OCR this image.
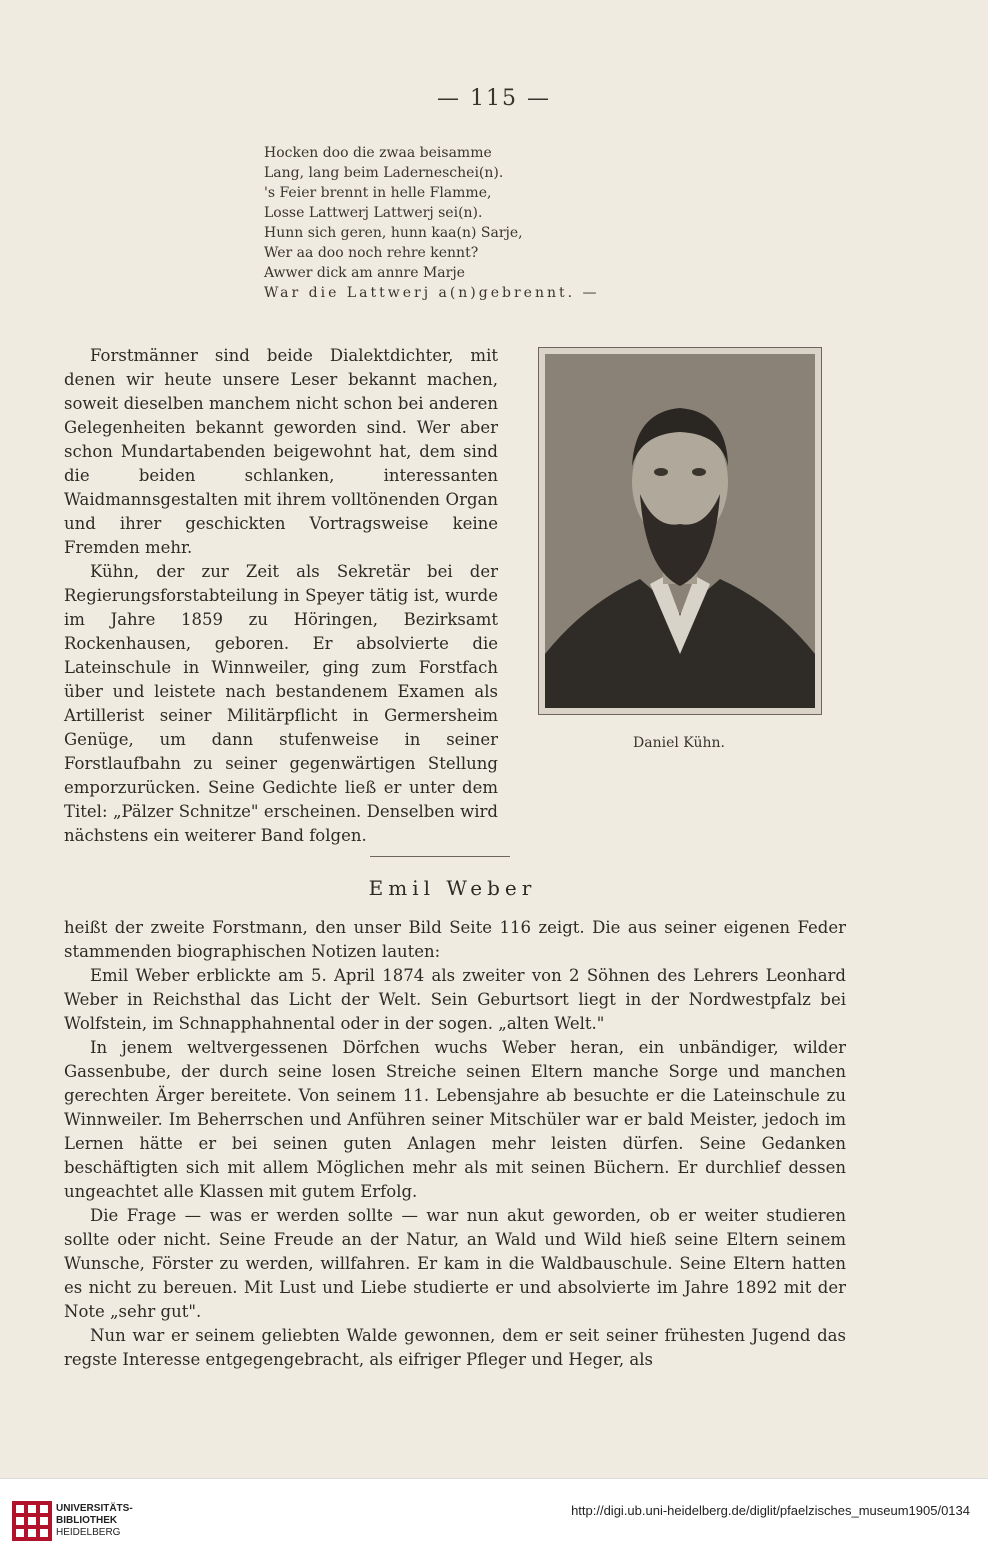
— 115 —
Hocken doo die zwaa beisamme
Lang, lang beim Laderneschei(n).
's Feier brennt in helle Flamme,
Losse Lattwerj Lattwerj sei(n).
Hunn sich geren, hunn kaa(n) Sarje,
Wer aa doo noch rehre kennt?
Awwer dick am annre Marje
War die Lattwerj a(n)gebrennt. —

Forstmänner sind beide Dialektdichter, mit denen wir heute unsere Leser bekannt machen, soweit dieselben manchem nicht schon bei anderen Gelegenheiten bekannt geworden sind. Wer aber schon Mundartabenden beigewohnt hat, dem sind die beiden schlanken, interessanten Waidmannsgestalten mit ihrem volltönenden Organ und ihrer geschickten Vortragsweise keine Fremden mehr.

Kühn, der zur Zeit als Sekretär bei der Regierungsforstabteilung in Speyer tätig ist, wurde im Jahre 1859 zu Höringen, Bezirksamt Rockenhausen, geboren. Er absolvierte die Lateinschule in Winnweiler, ging zum Forstfach über und leistete nach bestandenem Examen als Artillerist seiner Militärpflicht in Germersheim Genüge, um dann stufenweise in seiner Forstlaufbahn zu seiner gegenwärtigen Stellung emporzurücken. Seine Gedichte ließ er unter dem Titel: „Pälzer Schnitze" erscheinen. Denselben wird nächstens ein weiterer Band folgen.

Daniel Kühn.
Emil Weber

heißt der zweite Forstmann, den unser Bild Seite 116 zeigt. Die aus seiner eigenen Feder stammenden biographischen Notizen lauten:

Emil Weber erblickte am 5. April 1874 als zweiter von 2 Söhnen des Lehrers Leonhard Weber in Reichsthal das Licht der Welt. Sein Geburtsort liegt in der Nordwestpfalz bei Wolfstein, im Schnapphahnental oder in der sogen. „alten Welt."

In jenem weltvergessenen Dörfchen wuchs Weber heran, ein unbändiger, wilder Gassenbube, der durch seine losen Streiche seinen Eltern manche Sorge und manchen gerechten Ärger bereitete. Von seinem 11. Lebensjahre ab besuchte er die Lateinschule zu Winnweiler. Im Beherrschen und Anführen seiner Mitschüler war er bald Meister, jedoch im Lernen hätte er bei seinen guten Anlagen mehr leisten dürfen. Seine Gedanken beschäftigten sich mit allem Möglichen mehr als mit seinen Büchern. Er durchlief dessen ungeachtet alle Klassen mit gutem Erfolg.

Die Frage — was er werden sollte — war nun akut geworden, ob er weiter studieren sollte oder nicht. Seine Freude an der Natur, an Wald und Wild hieß seine Eltern seinem Wunsche, Förster zu werden, willfahren. Er kam in die Waldbauschule. Seine Eltern hatten es nicht zu bereuen. Mit Lust und Liebe studierte er und absolvierte im Jahre 1892 mit der Note „sehr gut".

Nun war er seinem geliebten Walde gewonnen, dem er seit seiner frühesten Jugend das regste Interesse entgegengebracht, als eifriger Pfleger und Heger, als

UNIVERSITÄTS-
BIBLIOTHEK
HEIDELBERG
http://digi.ub.uni-heidelberg.de/diglit/pfaelzisches_museum1905/0134
